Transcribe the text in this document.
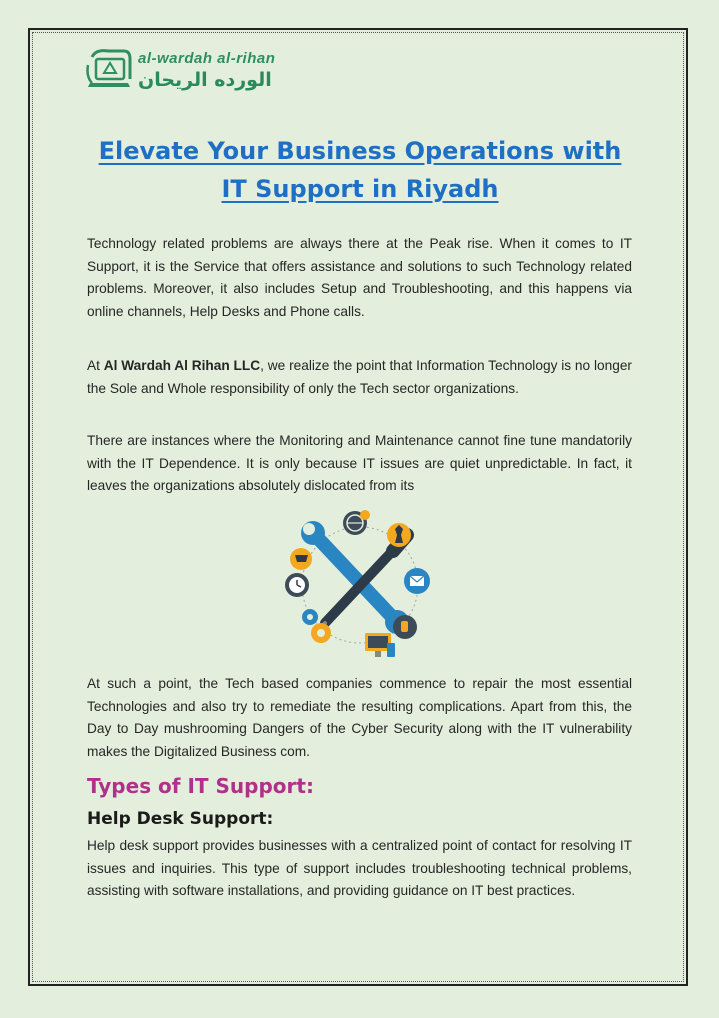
al-wardah al-rihan
الورده الريحان
Elevate Your Business Operations with IT Support in Riyadh

Technology related problems are always there at the Peak rise. When it comes to IT Support, it is the Service that offers assistance and solutions to such Technology related problems. Moreover, it also includes Setup and Troubleshooting, and this happens via online channels, Help Desks and Phone calls.

At Al Wardah Al Rihan LLC, we realize the point that Information Technology is no longer the Sole and Whole responsibility of only the Tech sector organizations.

There are instances where the Monitoring and Maintenance cannot fine tune mandatorily with the IT Dependence. It is only because IT issues are quiet unpredictable. In fact, it leaves the organizations absolutely dislocated from its

At such a point, the Tech based companies commence to repair the most essential Technologies and also try to remediate the resulting complications. Apart from this, the Day to Day mushrooming Dangers of the Cyber Security along with the IT vulnerability makes the Digitalized Business com.

Types of IT Support:
Help Desk Support:

Help desk support provides businesses with a centralized point of contact for resolving IT issues and inquiries. This type of support includes troubleshooting technical problems, assisting with software installations, and providing guidance on IT best practices.
